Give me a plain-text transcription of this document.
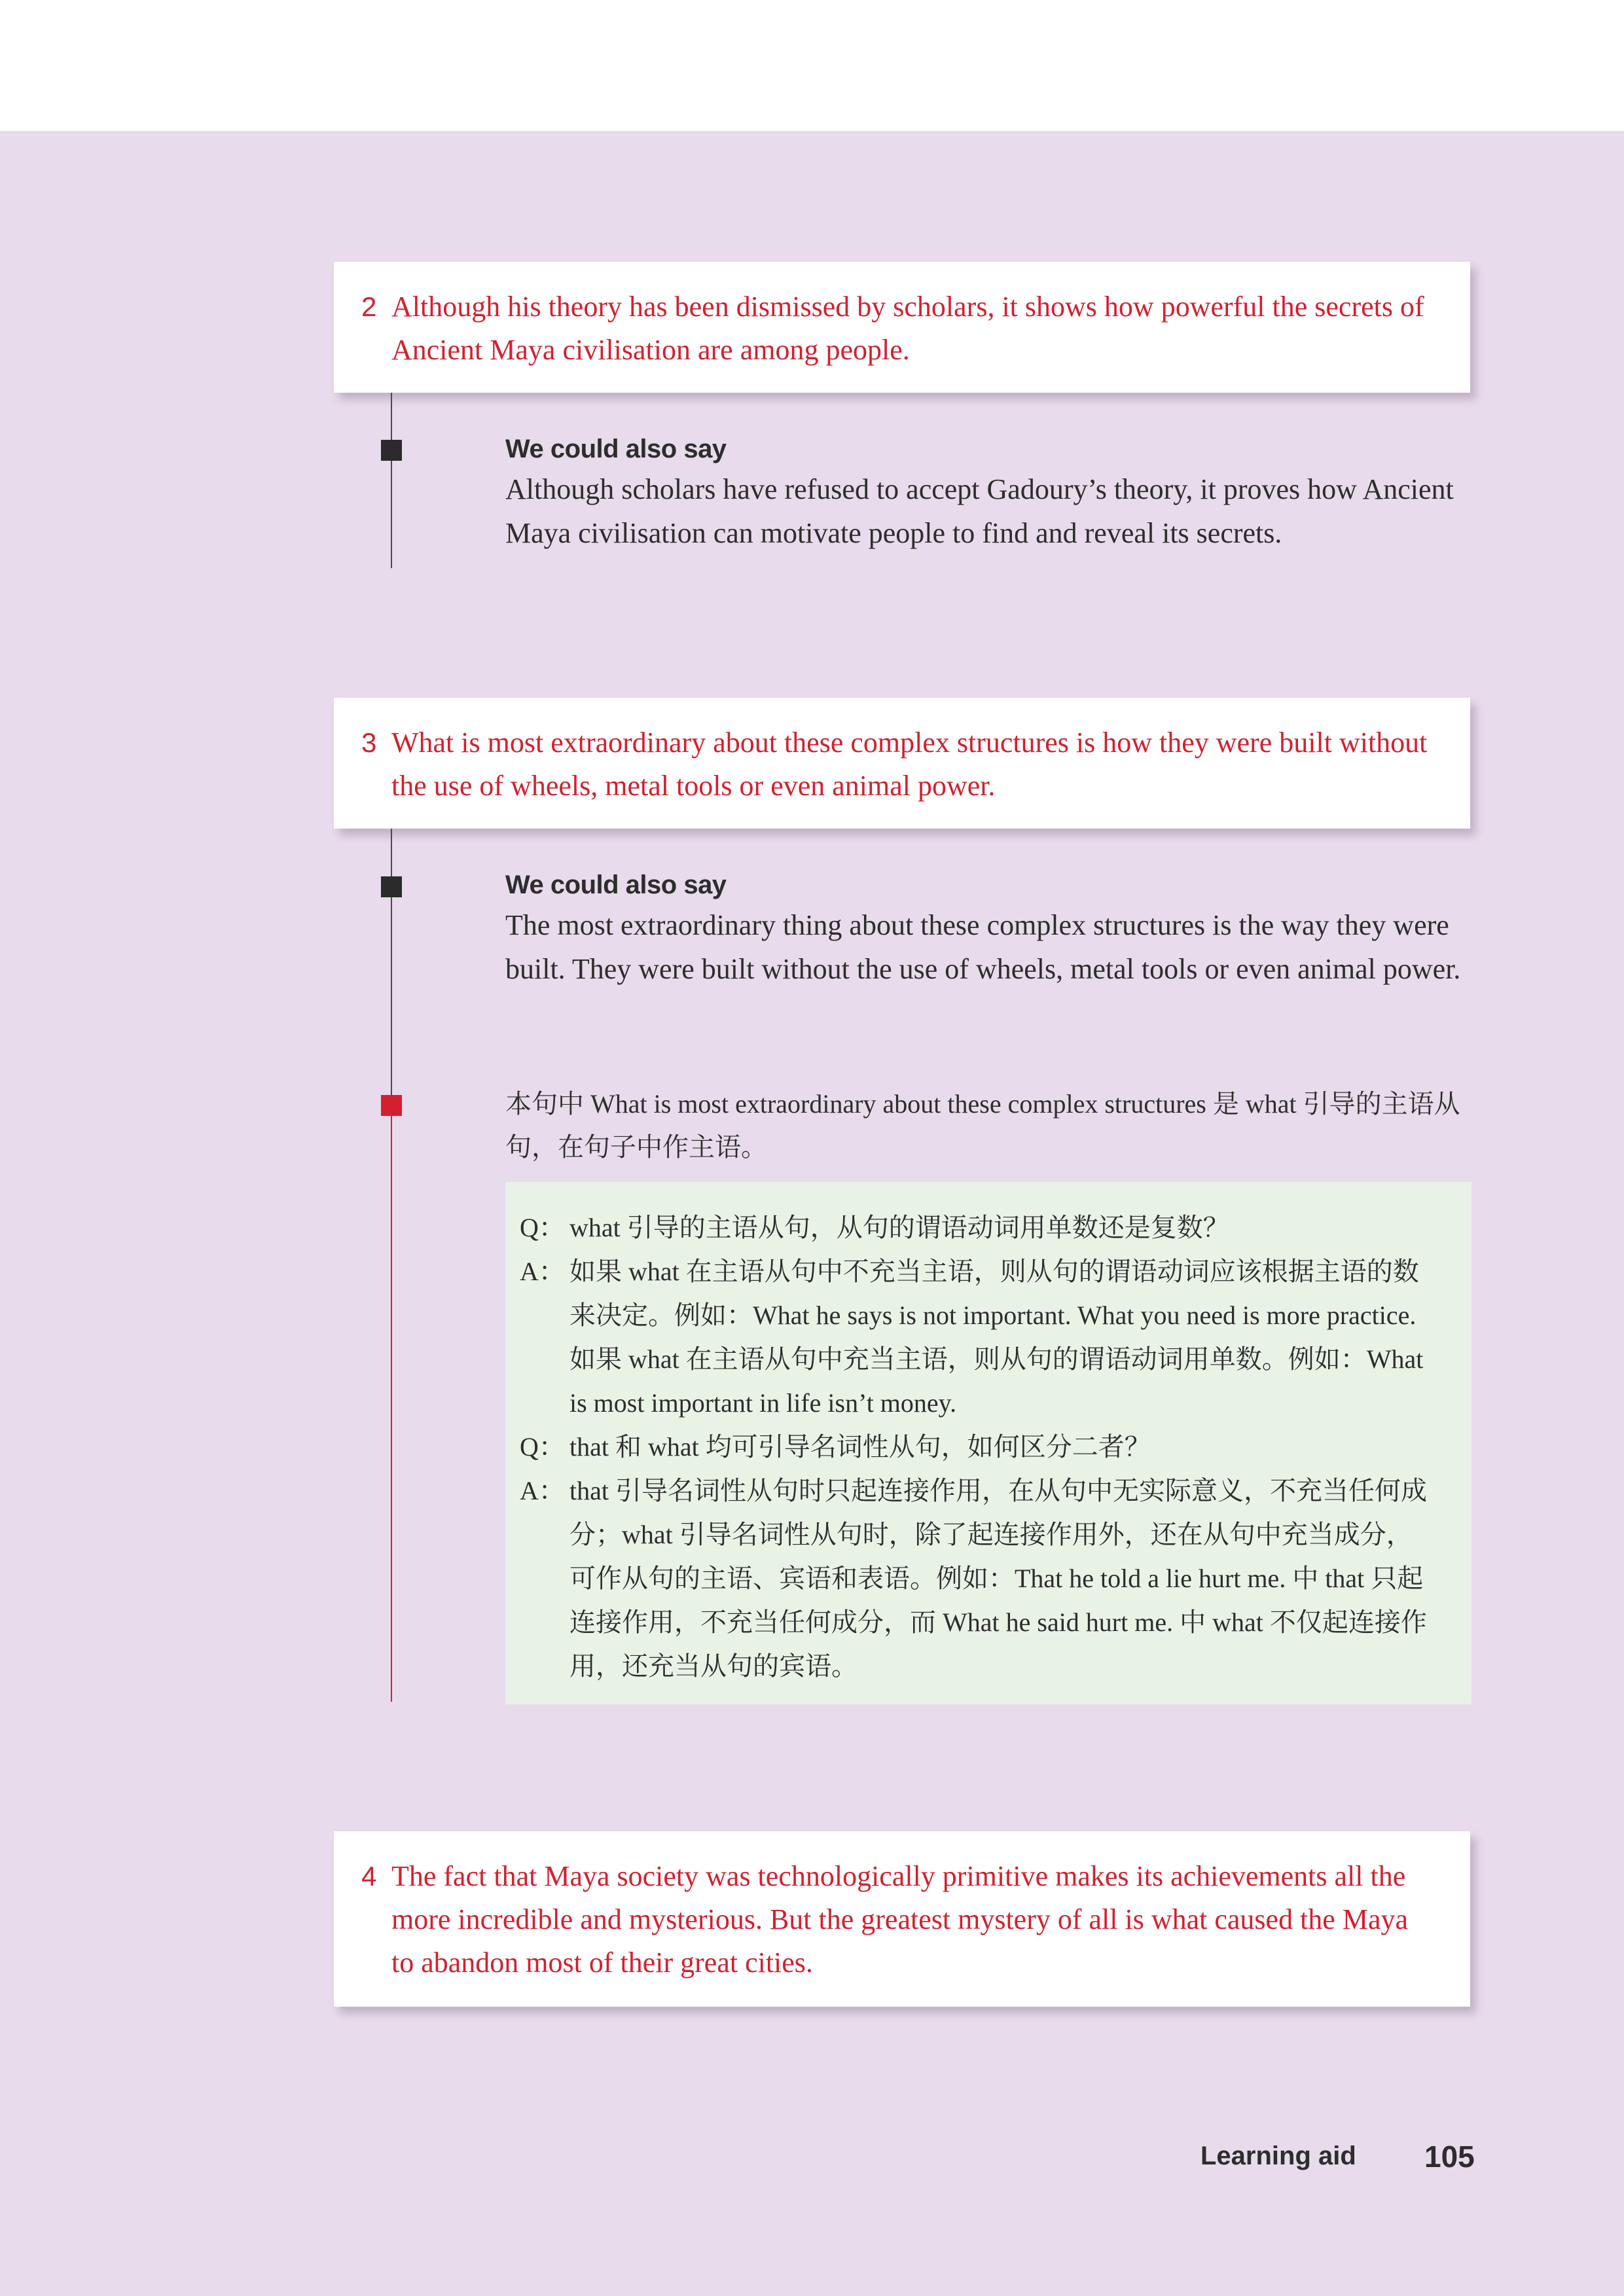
2 Although his theory has been dismissed by scholars, it shows how powerful the secrets of Ancient Maya civilisation are among people.
We could also say
Although scholars have refused to accept Gadoury’s theory, it proves how Ancient Maya civilisation can motivate people to find and reveal its secrets.
3 What is most extraordinary about these complex structures is how they were built without the use of wheels, metal tools or even animal power.
We could also say
The most extraordinary thing about these complex structures is the way they were built. They were built without the use of wheels, metal tools or even animal power.
本句中 What is most extraordinary about these complex structures 是 what 引导的主语从句，在句子中作主语。
Q： what 引导的主语从句，从句的谓语动词用单数还是复数？
A： 如果 what 在主语从句中不充当主语，则从句的谓语动词应该根据主语的数来决定。例如：What he says is not important. What you need is more practice. 如果 what 在主语从句中充当主语，则从句的谓语动词用单数。例如：What is most important in life isn’t money.
Q： that 和 what 均可引导名词性从句，如何区分二者？
A： that 引导名词性从句时只起连接作用，在从句中无实际意义，不充当任何成分；what 引导名词性从句时，除了起连接作用外，还在从句中充当成分，可作从句的主语、宾语和表语。例如：That he told a lie hurt me. 中 that 只起连接作用，不充当任何成分，而 What he said hurt me. 中 what 不仅起连接作用，还充当从句的宾语。
4 The fact that Maya society was technologically primitive makes its achievements all the more incredible and mysterious. But the greatest mystery of all is what caused the Maya to abandon most of their great cities.
Learning aid 105
